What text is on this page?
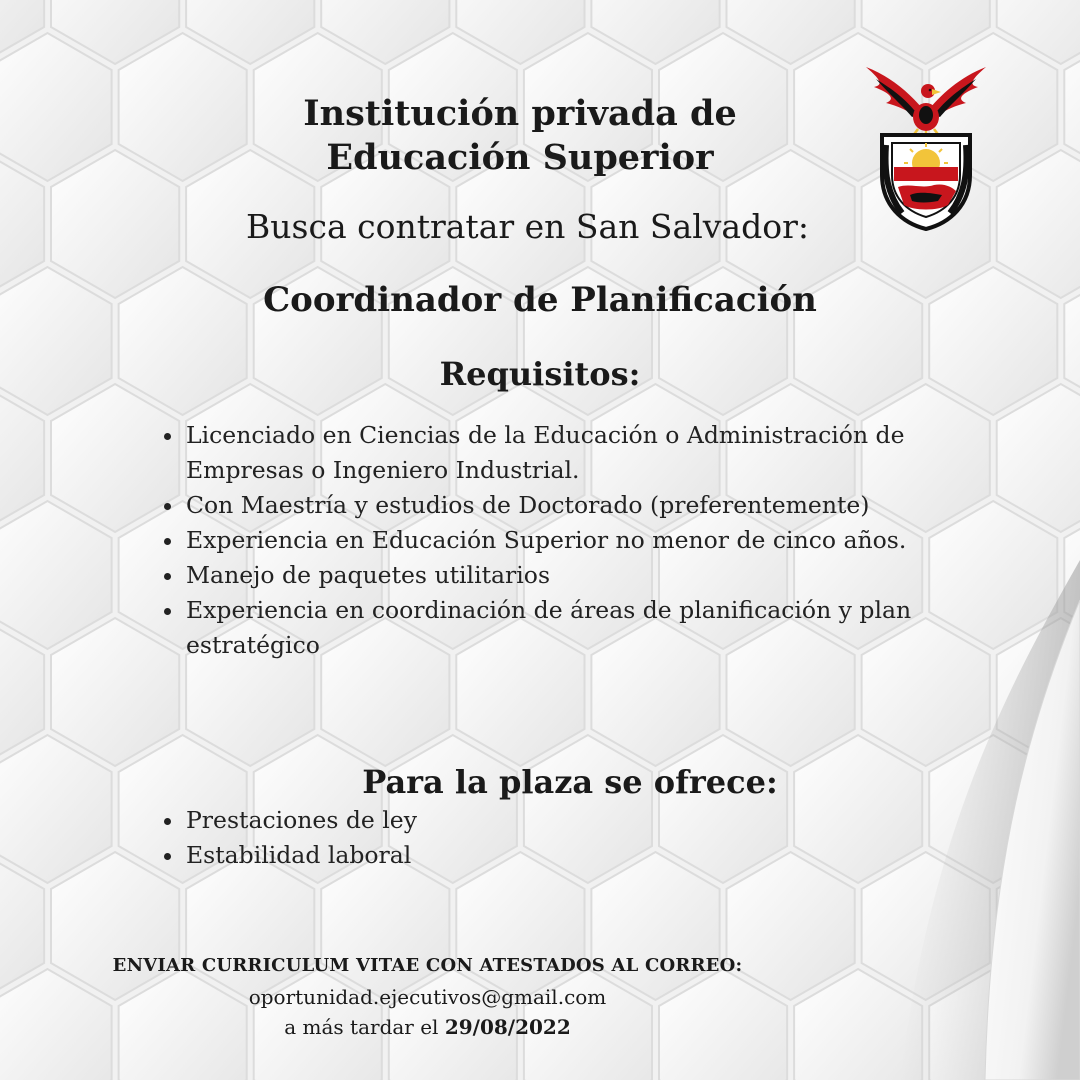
Institución privada de
Educación Superior

Busca contratar en San Salvador:

Coordinador de Planificación
Requisitos:
Licenciado en Ciencias de la Educación o Administración de Empresas o Ingeniero Industrial.
Con Maestría y estudios de Doctorado (preferentemente)
Experiencia en Educación Superior no menor de cinco años.
Manejo de paquetes utilitarios
Experiencia en coordinación de áreas de planificación y plan estratégico
Para la plaza se ofrece:
Prestaciones de ley
Estabilidad laboral

ENVIAR CURRICULUM VITAE CON ATESTADOS AL CORREO:

oportunidad.ejecutivos@gmail.com

a más tardar el 29/08/2022
